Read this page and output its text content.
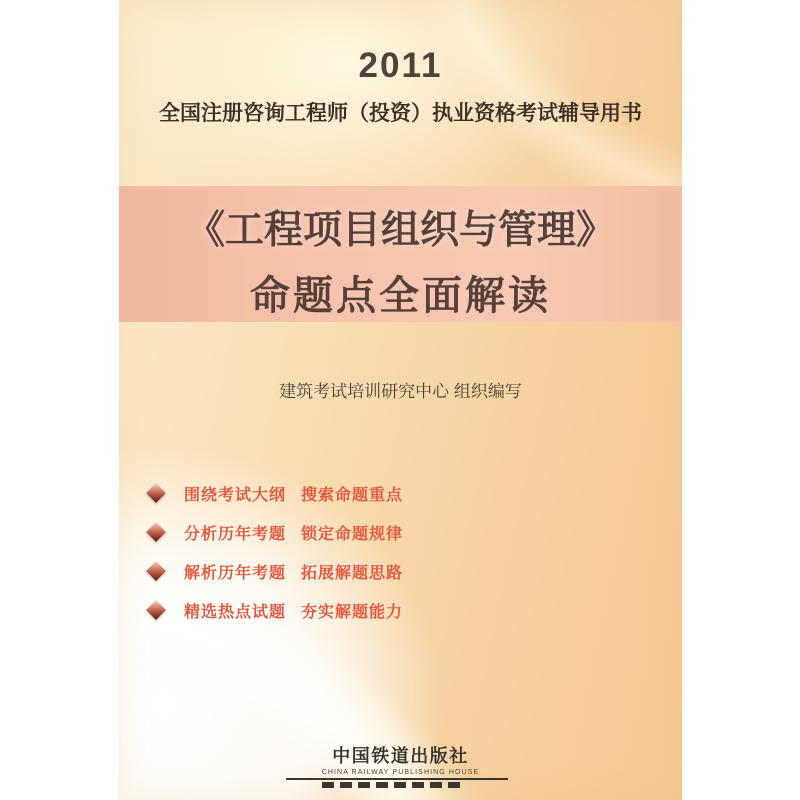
2011
全国注册咨询工程师（投资）执业资格考试辅导用书
《工程项目组织与管理》
命题点全面解读
建筑考试培训研究中心 组织编写
围绕考试大纲 搜索命题重点
分析历年考题 锁定命题规律
解析历年考题 拓展解题思路
精选热点试题 夯实解题能力
中国铁道出版社
CHINA RAILWAY PUBLISHING HOUSE
